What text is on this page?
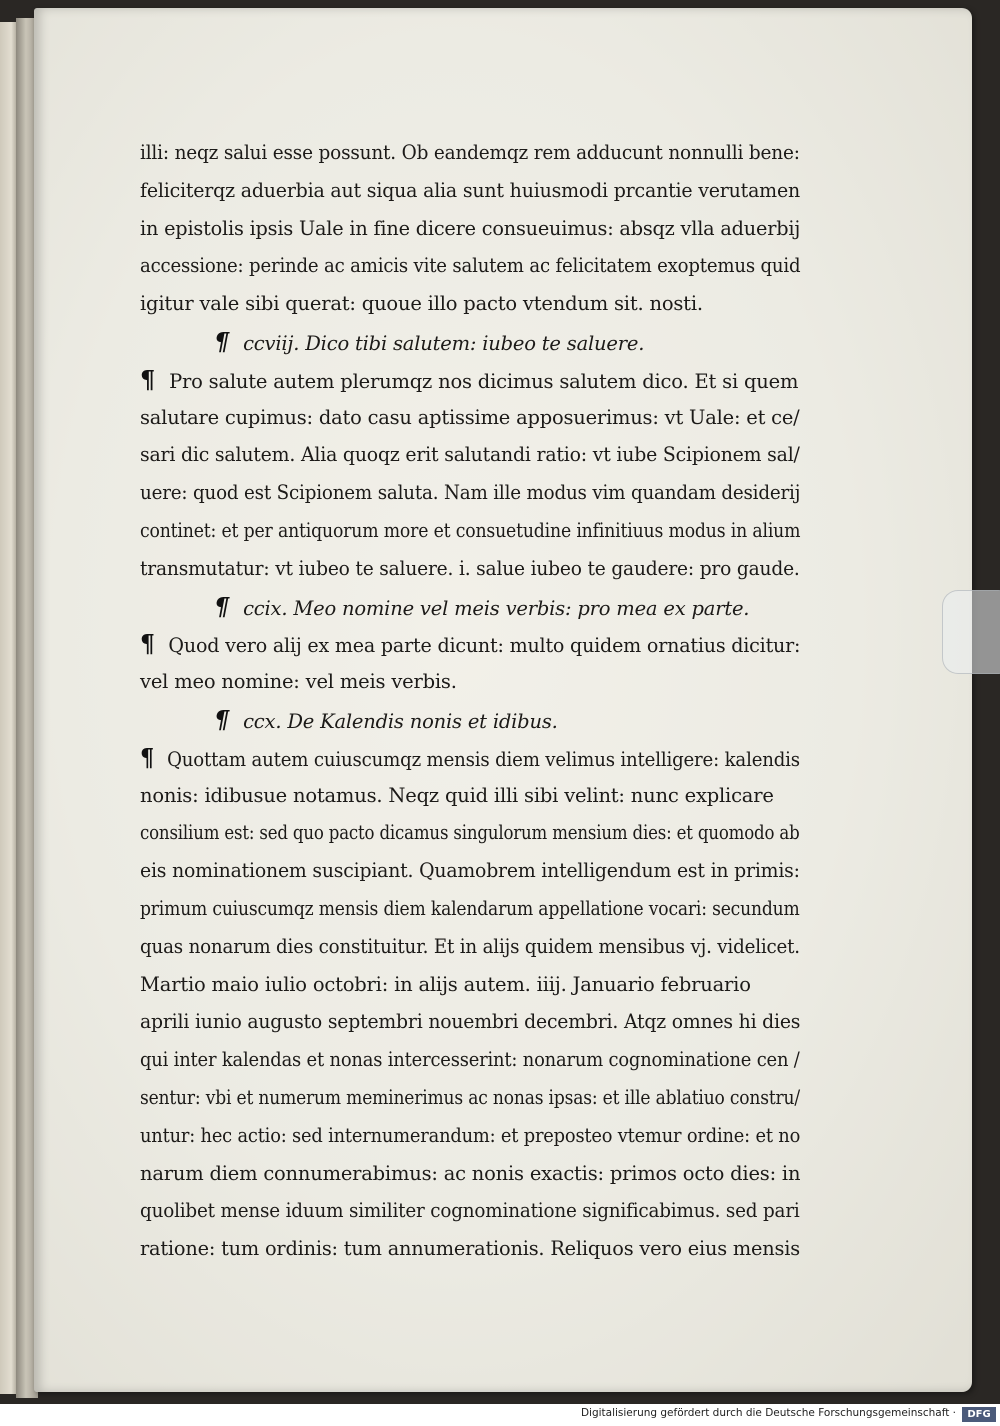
illi: neqz salui esse possunt. Ob eandemqz rem adducunt nonnulli bene:
feliciterqz aduerbia aut siqua alia sunt huiusmodi prcantie verutamen
in epistolis ipsis Uale in fine dicere consueuimus: absqz vlla aduerbij
accessione: perinde ac amicis vite salutem ac felicitatem exoptemus quid
igitur vale sibi querat: quoue illo pacto vtendum sit. nosti.
¶ ccviij. Dico tibi salutem: iubeo te saluere.
¶ Pro salute autem plerumqz nos dicimus salutem dico. Et si quem
salutare cupimus: dato casu aptissime apposuerimus: vt Uale: et ce/
sari dic salutem. Alia quoqz erit salutandi ratio: vt iube Scipionem sal/
uere: quod est Scipionem saluta. Nam ille modus vim quandam desiderij
continet: et per antiquorum more et consuetudine infinitiuus modus in alium
transmutatur: vt iubeo te saluere. i. salue iubeo te gaudere: pro gaude.
¶ ccix. Meo nomine vel meis verbis: pro mea ex parte.
¶ Quod vero alij ex mea parte dicunt: multo quidem ornatius dicitur:
vel meo nomine: vel meis verbis.
¶ ccx. De Kalendis nonis et idibus.
¶ Quottam autem cuiuscumqz mensis diem velimus intelligere: kalendis
nonis: idibusue notamus. Neqz quid illi sibi velint: nunc explicare
consilium est: sed quo pacto dicamus singulorum mensium dies: et quomodo ab
eis nominationem suscipiant. Quamobrem intelligendum est in primis:
primum cuiuscumqz mensis diem kalendarum appellatione vocari: secundum
quas nonarum dies constituitur. Et in alijs quidem mensibus vj. videlicet.
Martio maio iulio octobri: in alijs autem. iiij. Januario februario
aprili iunio augusto septembri nouembri decembri. Atqz omnes hi dies
qui inter kalendas et nonas intercesserint: nonarum cognominatione cen /
sentur: vbi et numerum meminerimus ac nonas ipsas: et ille ablatiuo constru/
untur: hec actio: sed internumerandum: et preposteo vtemur ordine: et no
narum diem connumerabimus: ac nonis exactis: primos octo dies: in
quolibet mense iduum similiter cognominatione significabimus. sed pari
ratione: tum ordinis: tum annumerationis. Reliquos vero eius mensis
Digitalisierung gefördert durch die Deutsche Forschungsgemeinschaft ·	DFG
